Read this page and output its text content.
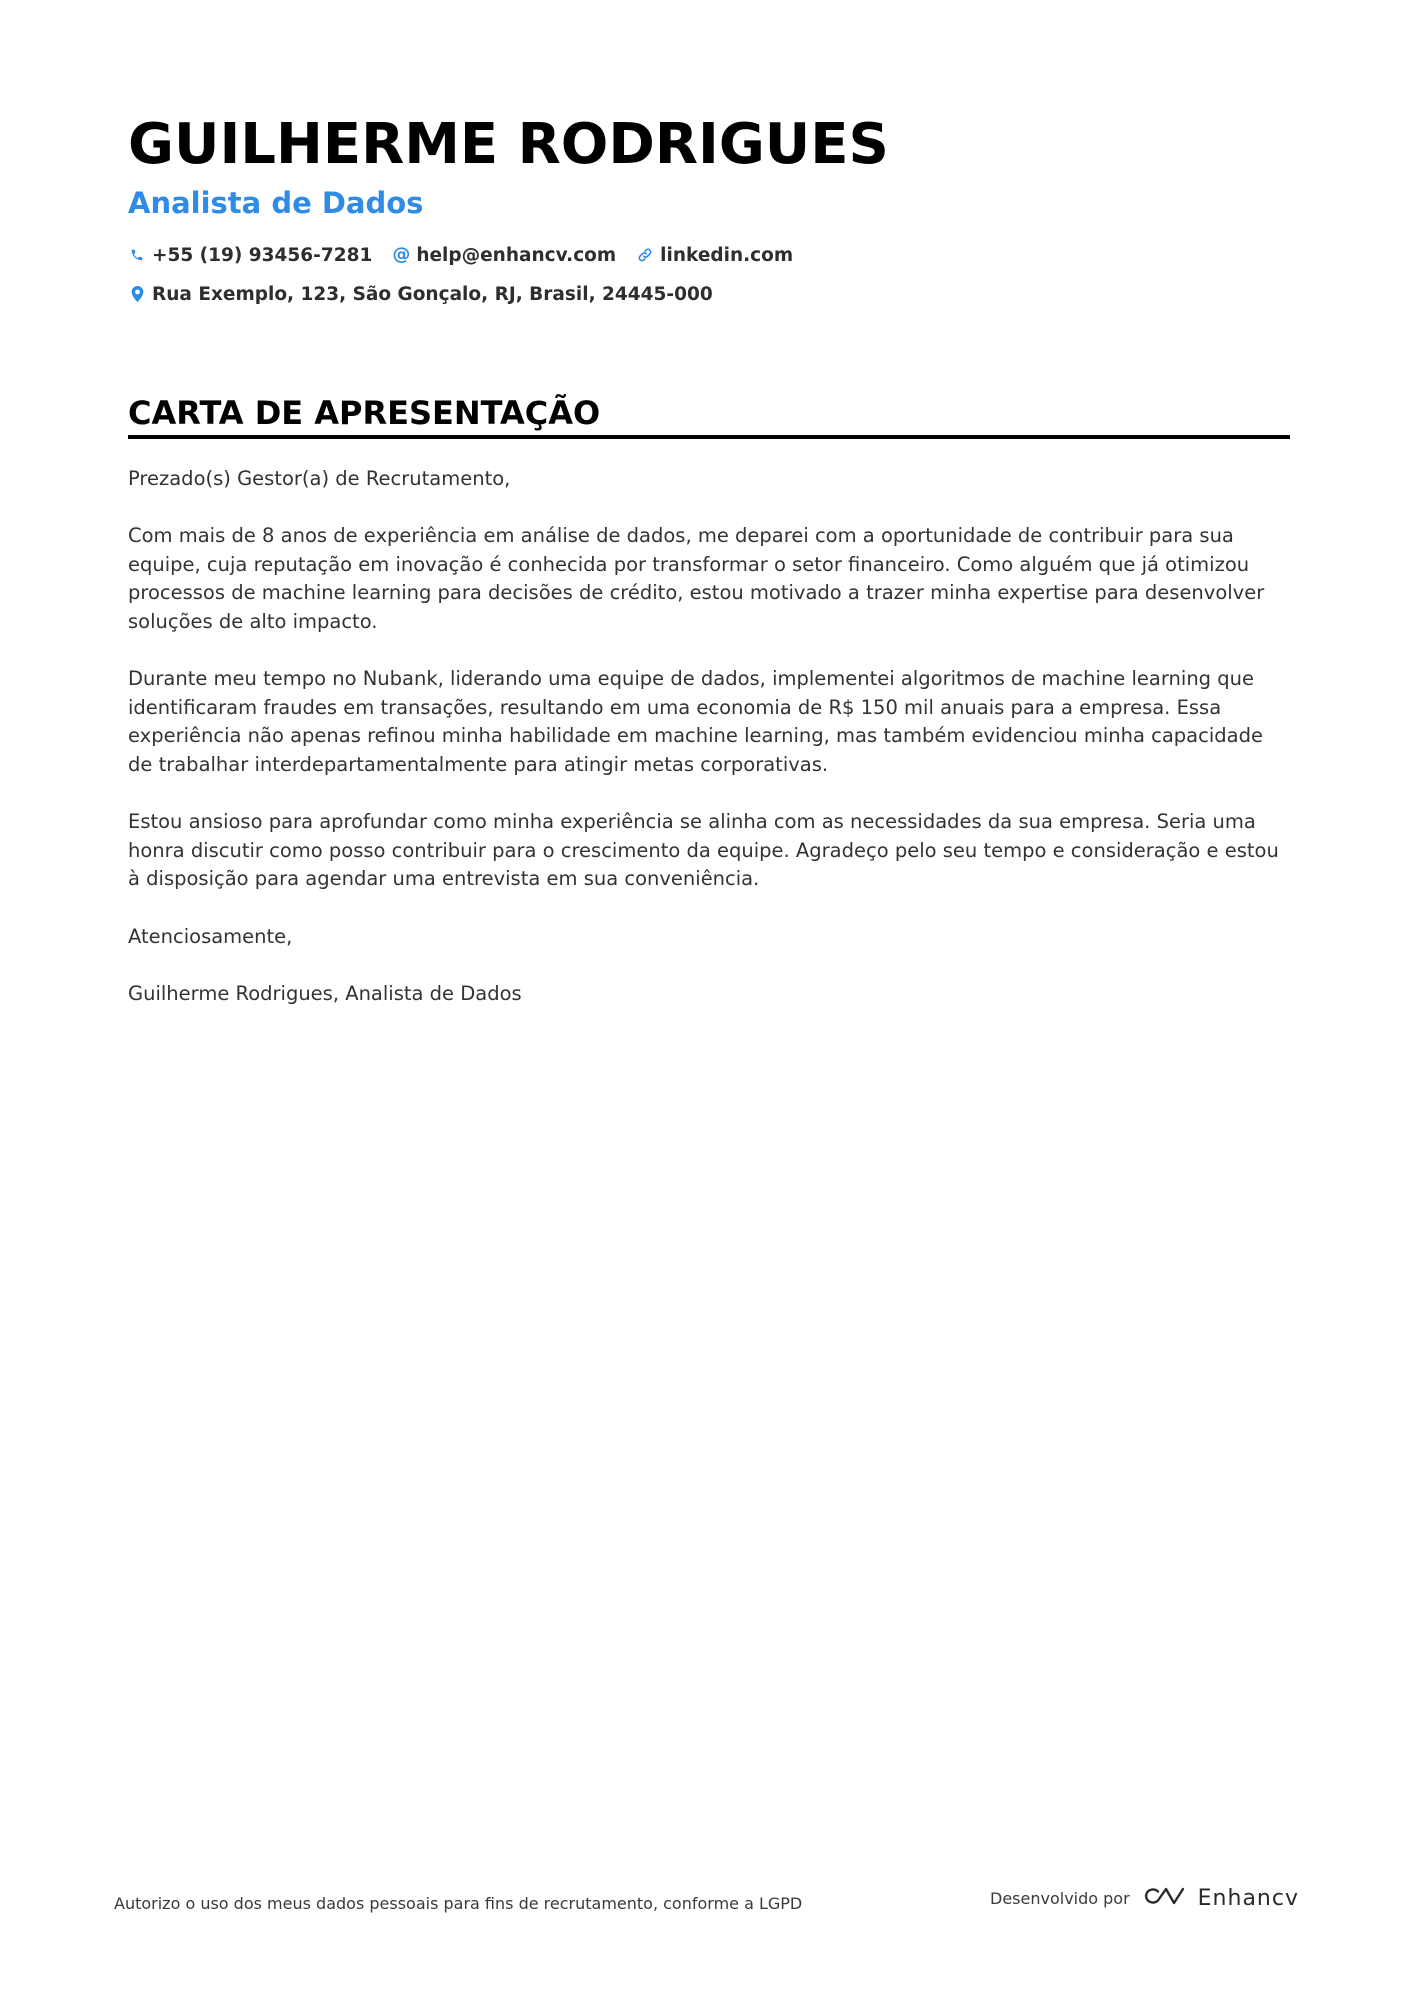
GUILHERME RODRIGUES
Analista de Dados
+55 (19) 93456-7281 @ help@enhancv.com linkedin.com
Rua Exemplo, 123, São Gonçalo, RJ, Brasil, 24445-000
CARTA DE APRESENTAÇÃO

Prezado(s) Gestor(a) de Recrutamento,

Com mais de 8 anos de experiência em análise de dados, me deparei com a oportunidade de contribuir para sua equipe, cuja reputação em inovação é conhecida por transformar o setor financeiro. Como alguém que já otimizou processos de machine learning para decisões de crédito, estou motivado a trazer minha expertise para desenvolver soluções de alto impacto.

Durante meu tempo no Nubank, liderando uma equipe de dados, implementei algoritmos de machine learning que identificaram fraudes em transações, resultando em uma economia de R$ 150 mil anuais para a empresa. Essa experiência não apenas refinou minha habilidade em machine learning, mas também evidenciou minha capacidade de trabalhar interdepartamentalmente para atingir metas corporativas.

Estou ansioso para aprofundar como minha experiência se alinha com as necessidades da sua empresa. Seria uma honra discutir como posso contribuir para o crescimento da equipe. Agradeço pelo seu tempo e consideração e estou à disposição para agendar uma entrevista em sua conveniência.

Atenciosamente,

Guilherme Rodrigues, Analista de Dados

Autorizo o uso dos meus dados pessoais para fins de recrutamento, conforme a LGPD	Desenvolvido por	Enhancv
